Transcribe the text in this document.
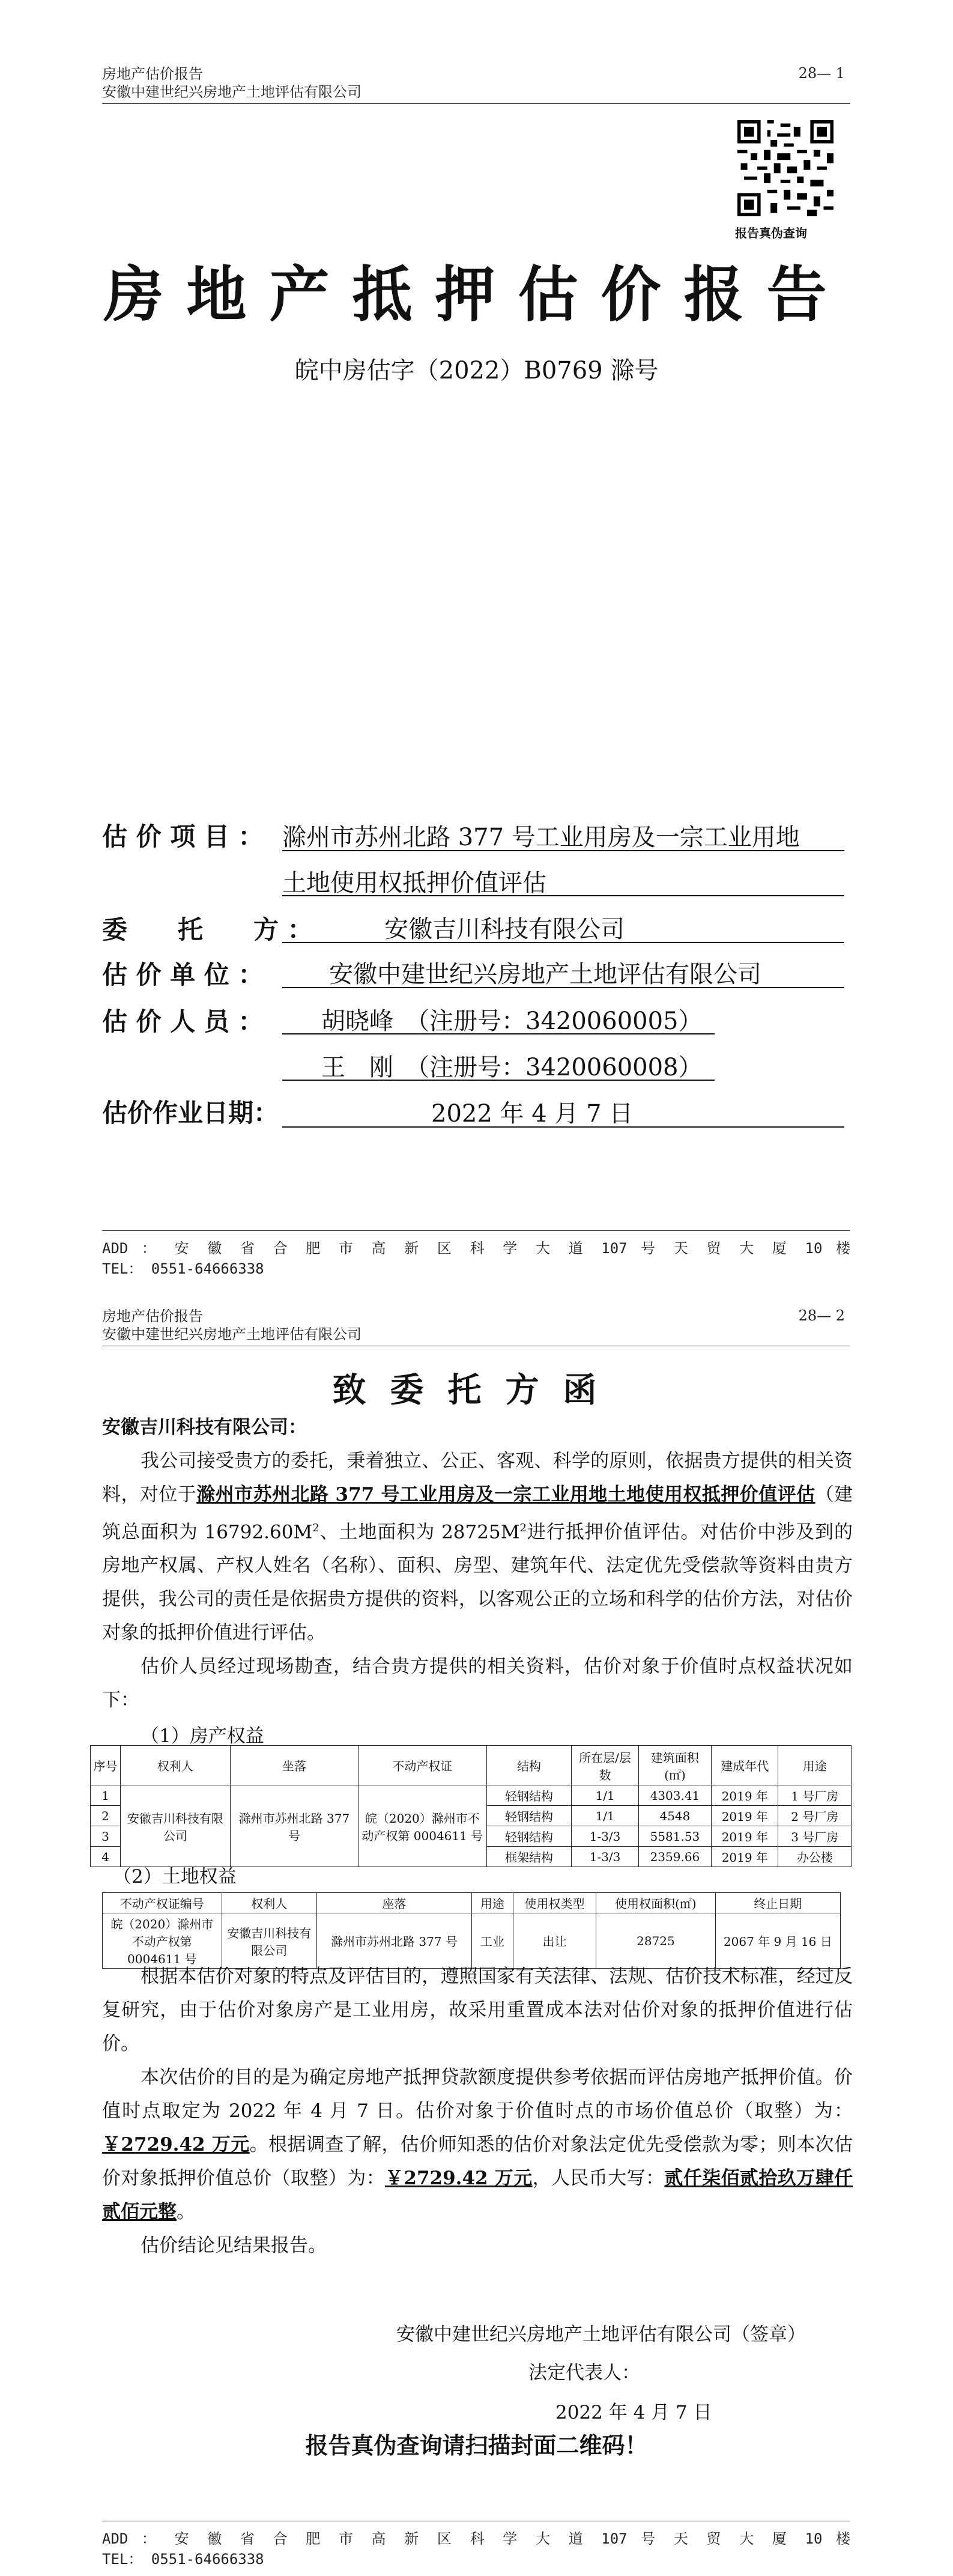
房地产估价报告
安徽中建世纪兴房地产土地评估有限公司
28— 1
报告真伪查询
房地产抵押估价报告
皖中房估字（2022）B0769 滁号
估 价 项 目 ： 滁州市苏州北路 377 号工业用房及一宗工业用地
土地使用权抵押价值评估
委　　托　　方 ：	安徽吉川科技有限公司
估 价 单 位 ：	安徽中建世纪兴房地产土地评估有限公司
估 价 人 员 ： 胡晓峰　（注册号：3420060005）
王　刚　（注册号：3420060008）
估价作业日期：	2022 年 4 月 7 日
ADD ： 安 徽 省 合 肥 市 高 新 区 科 学 大 道 107 号 天 贸 大 厦 10 楼
TEL： 0551-64666338
房地产估价报告
安徽中建世纪兴房地产土地评估有限公司
28— 2
致委托方函
安徽吉川科技有限公司：

我公司接受贵方的委托，秉着独立、公正、客观、科学的原则，依据贵方提供的相关资料，对位于滁州市苏州北路 377 号工业用房及一宗工业用地土地使用权抵押价值评估（建筑总面积为 $16792.60M^2$、土地面积为 $28725M^2$进行抵押价值评估。对估价中涉及到的房地产权属、产权人姓名（名称）、面积、房型、建筑年代、法定优先受偿款等资料由贵方提供，我公司的责任是依据贵方提供的资料，以客观公正的立场和科学的估价方法，对估价对象的抵押价值进行评估。

估价人员经过现场勘查，结合贵方提供的相关资料，估价对象于价值时点权益状况如下：

（1）房产权益
序号	权利人	坐落	不动产权证	结构	所在层/层数	建筑面积(㎡)	建成年代	用途
1	安徽吉川科技有限公司	滁州市苏州北路 377 号	皖（2020）滁州市不动产权第 0004611 号	轻钢结构	1/1	4303.41	2019 年	1 号厂房
2				轻钢结构	1/1	4548	2019 年	2 号厂房
3				轻钢结构	1-3/3	5581.53	2019 年	3 号厂房
4				框架结构	1-3/3	2359.66	2019 年	办公楼
（2）土地权益
不动产权证编号	权利人	座落	用途	使用权类型	使用权面积(㎡)	终止日期
皖（2020）滁州市不动产权第 0004611 号	安徽吉川科技有限公司	滁州市苏州北路 377 号	工业	出让	28725	2067 年 9 月 16 日

根据本估价对象的特点及评估目的，遵照国家有关法律、法规、估价技术标准，经过反复研究，由于估价对象房产是工业用房，故采用重置成本法对估价对象的抵押价值进行估价。

本次估价的目的是为确定房地产抵押贷款额度提供参考依据而评估房地产抵押价值。价值时点取定为 2022 年 4 月 7 日。估价对象于价值时点的市场价值总价（取整）为：￥2729.42 万元。根据调查了解，估价师知悉的估价对象法定优先受偿款为零；则本次估价对象抵押价值总价（取整）为：￥2729.42 万元，人民币大写：贰仟柒佰贰拾玖万肆仟贰佰元整。

估价结论见结果报告。

安徽中建世纪兴房地产土地评估有限公司（签章）
法定代表人：
2022 年 4 月 7 日
报告真伪查询请扫描封面二维码！
ADD ： 安 徽 省 合 肥 市 高 新 区 科 学 大 道 107 号 天 贸 大 厦 10 楼
TEL： 0551-64666338
